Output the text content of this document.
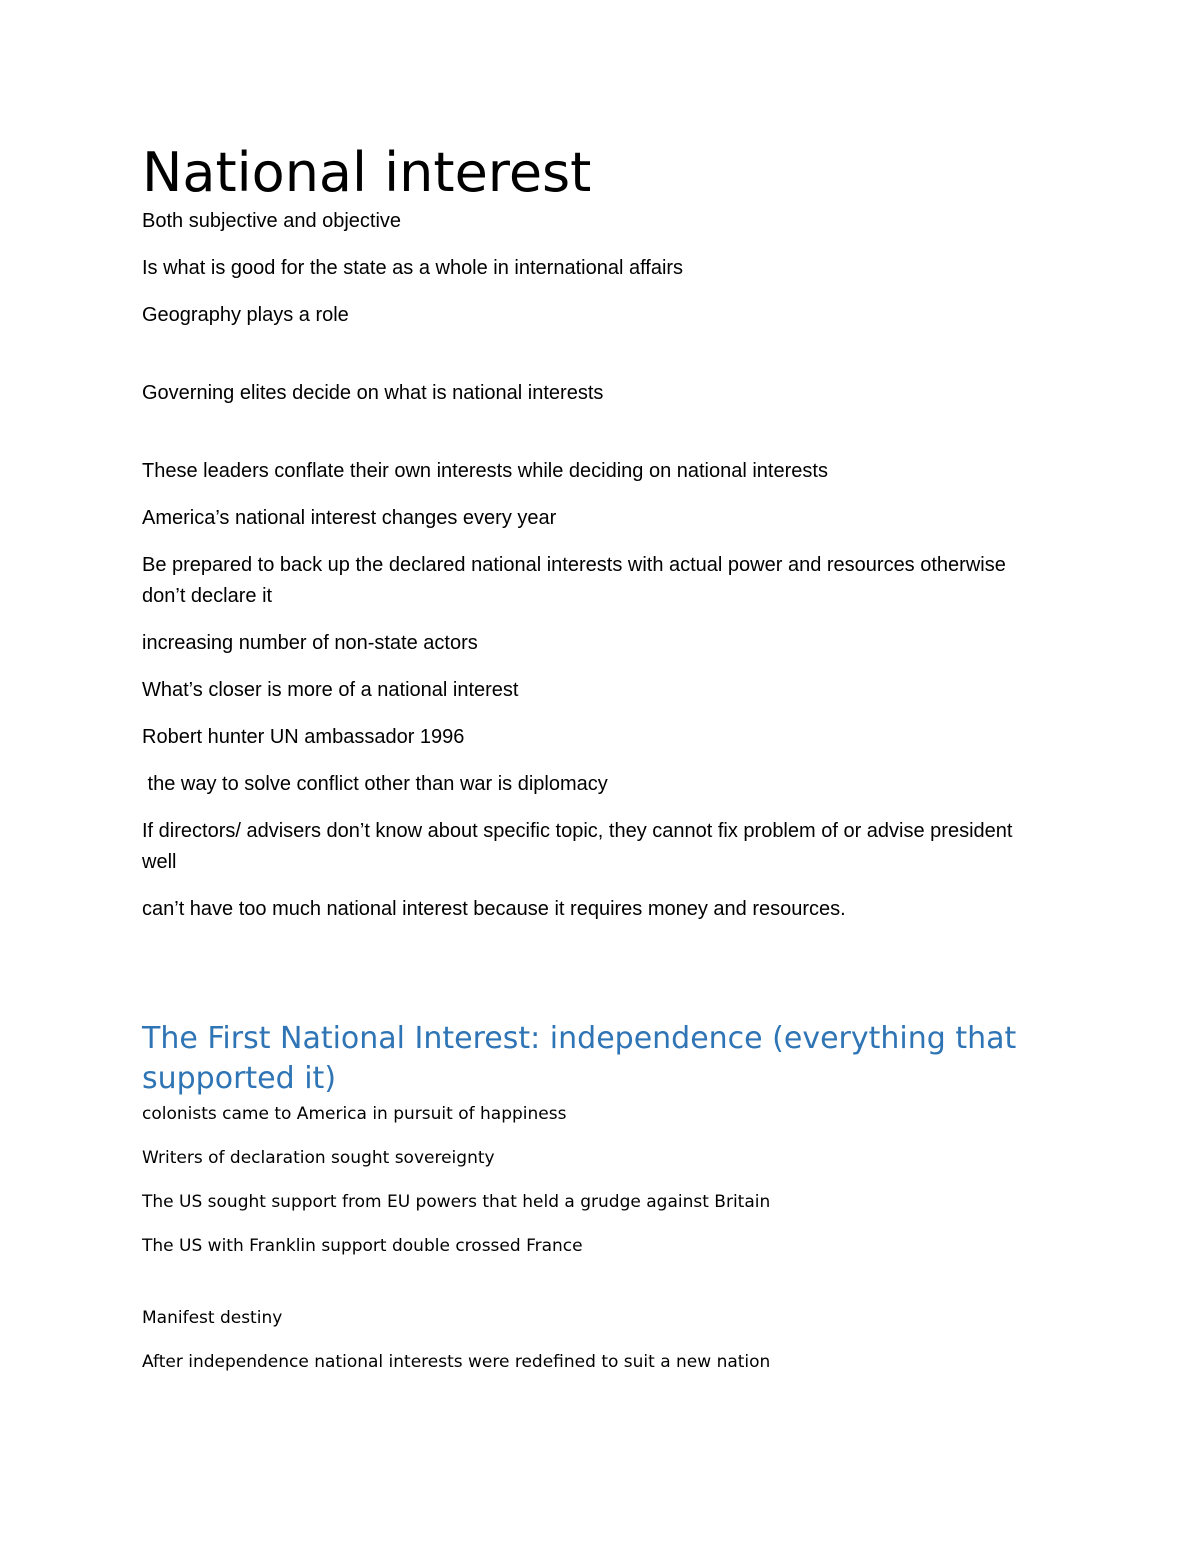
National interest

Both subjective and objective

Is what is good for the state as a whole in international affairs

Geography plays a role

Governing elites decide on what is national interests

These leaders conflate their own interests while deciding on national interests

America’s national interest changes every year

Be prepared to back up the declared national interests with actual power and resources otherwise don’t declare it

increasing number of non-state actors

What’s closer is more of a national interest

Robert hunter UN ambassador 1996

the way to solve conflict other than war is diplomacy

If directors/ advisers don’t know about specific topic, they cannot fix problem of or advise president well

can’t have too much national interest because it requires money and resources.

The First National Interest: independence (everything that supported it)

colonists came to America in pursuit of happiness

Writers of declaration sought sovereignty

The US sought support from EU powers that held a grudge against Britain

The US with Franklin support double crossed France

Manifest destiny

After independence national interests were redefined to suit a new nation
